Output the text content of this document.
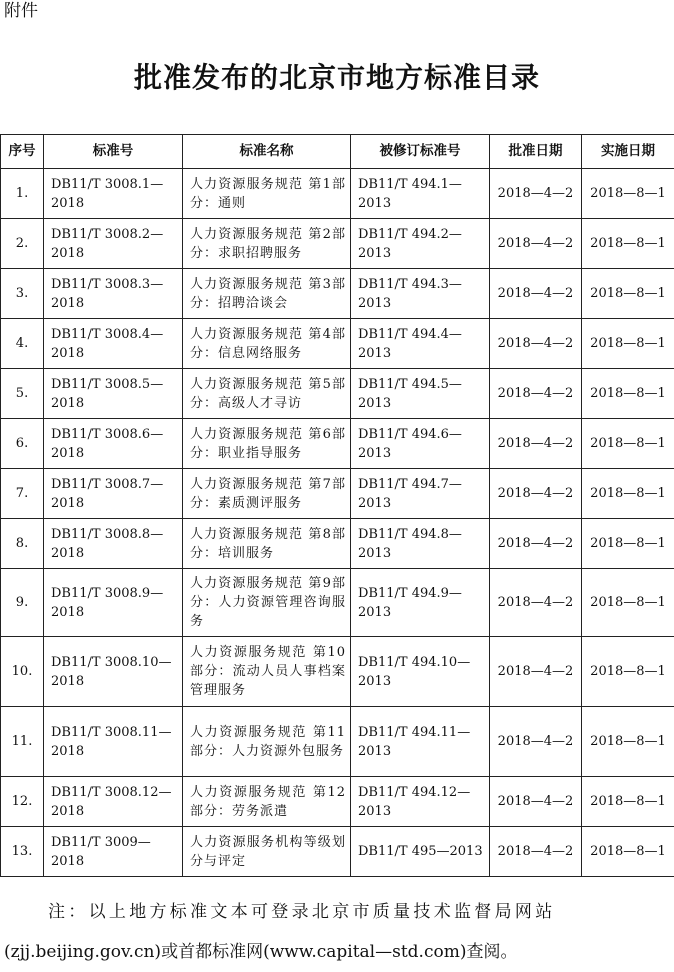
附件
批准发布的北京市地方标准目录
序号	标准号	标准名称	被修订标准号	批准日期	实施日期
1.	DB11/T 3008.1—2018	人力资源服务规范 第1部分：通则	DB11/T 494.1—2013	2018—4—2	2018—8—1
2.	DB11/T 3008.2—2018	人力资源服务规范 第2部分：求职招聘服务	DB11/T 494.2—2013	2018—4—2	2018—8—1
3.	DB11/T 3008.3—2018	人力资源服务规范 第3部分：招聘洽谈会	DB11/T 494.3—2013	2018—4—2	2018—8—1
4.	DB11/T 3008.4—2018	人力资源服务规范 第4部分：信息网络服务	DB11/T 494.4—2013	2018—4—2	2018—8—1
5.	DB11/T 3008.5—2018	人力资源服务规范 第5部分：高级人才寻访	DB11/T 494.5—2013	2018—4—2	2018—8—1
6.	DB11/T 3008.6—2018	人力资源服务规范 第6部分：职业指导服务	DB11/T 494.6—2013	2018—4—2	2018—8—1
7.	DB11/T 3008.7—2018	人力资源服务规范 第7部分：素质测评服务	DB11/T 494.7—2013	2018—4—2	2018—8—1
8.	DB11/T 3008.8—2018	人力资源服务规范 第8部分：培训服务	DB11/T 494.8—2013	2018—4—2	2018—8—1
9.	DB11/T 3008.9—2018	人力资源服务规范 第9部分：人力资源管理咨询服务	DB11/T 494.9—2013	2018—4—2	2018—8—1
10.	DB11/T 3008.10—2018	人力资源服务规范 第10部分：流动人员人事档案管理服务	DB11/T 494.10—2013	2018—4—2	2018—8—1
11.	DB11/T 3008.11—2018	人力资源服务规范 第11部分：人力资源外包服务	DB11/T 494.11—2013	2018—4—2	2018—8—1
12.	DB11/T 3008.12—2018	人力资源服务规范 第12部分：劳务派遣	DB11/T 494.12—2013	2018—4—2	2018—8—1
13.	DB11/T 3009—2018	人力资源服务机构等级划分与评定	DB11/T 495—2013	2018—4—2	2018—8—1
注：以上地方标准文本可登录北京市质量技术监督局网站
(zjj.beijing.gov.cn)或首都标准网(www.capital—std.com)查阅。
